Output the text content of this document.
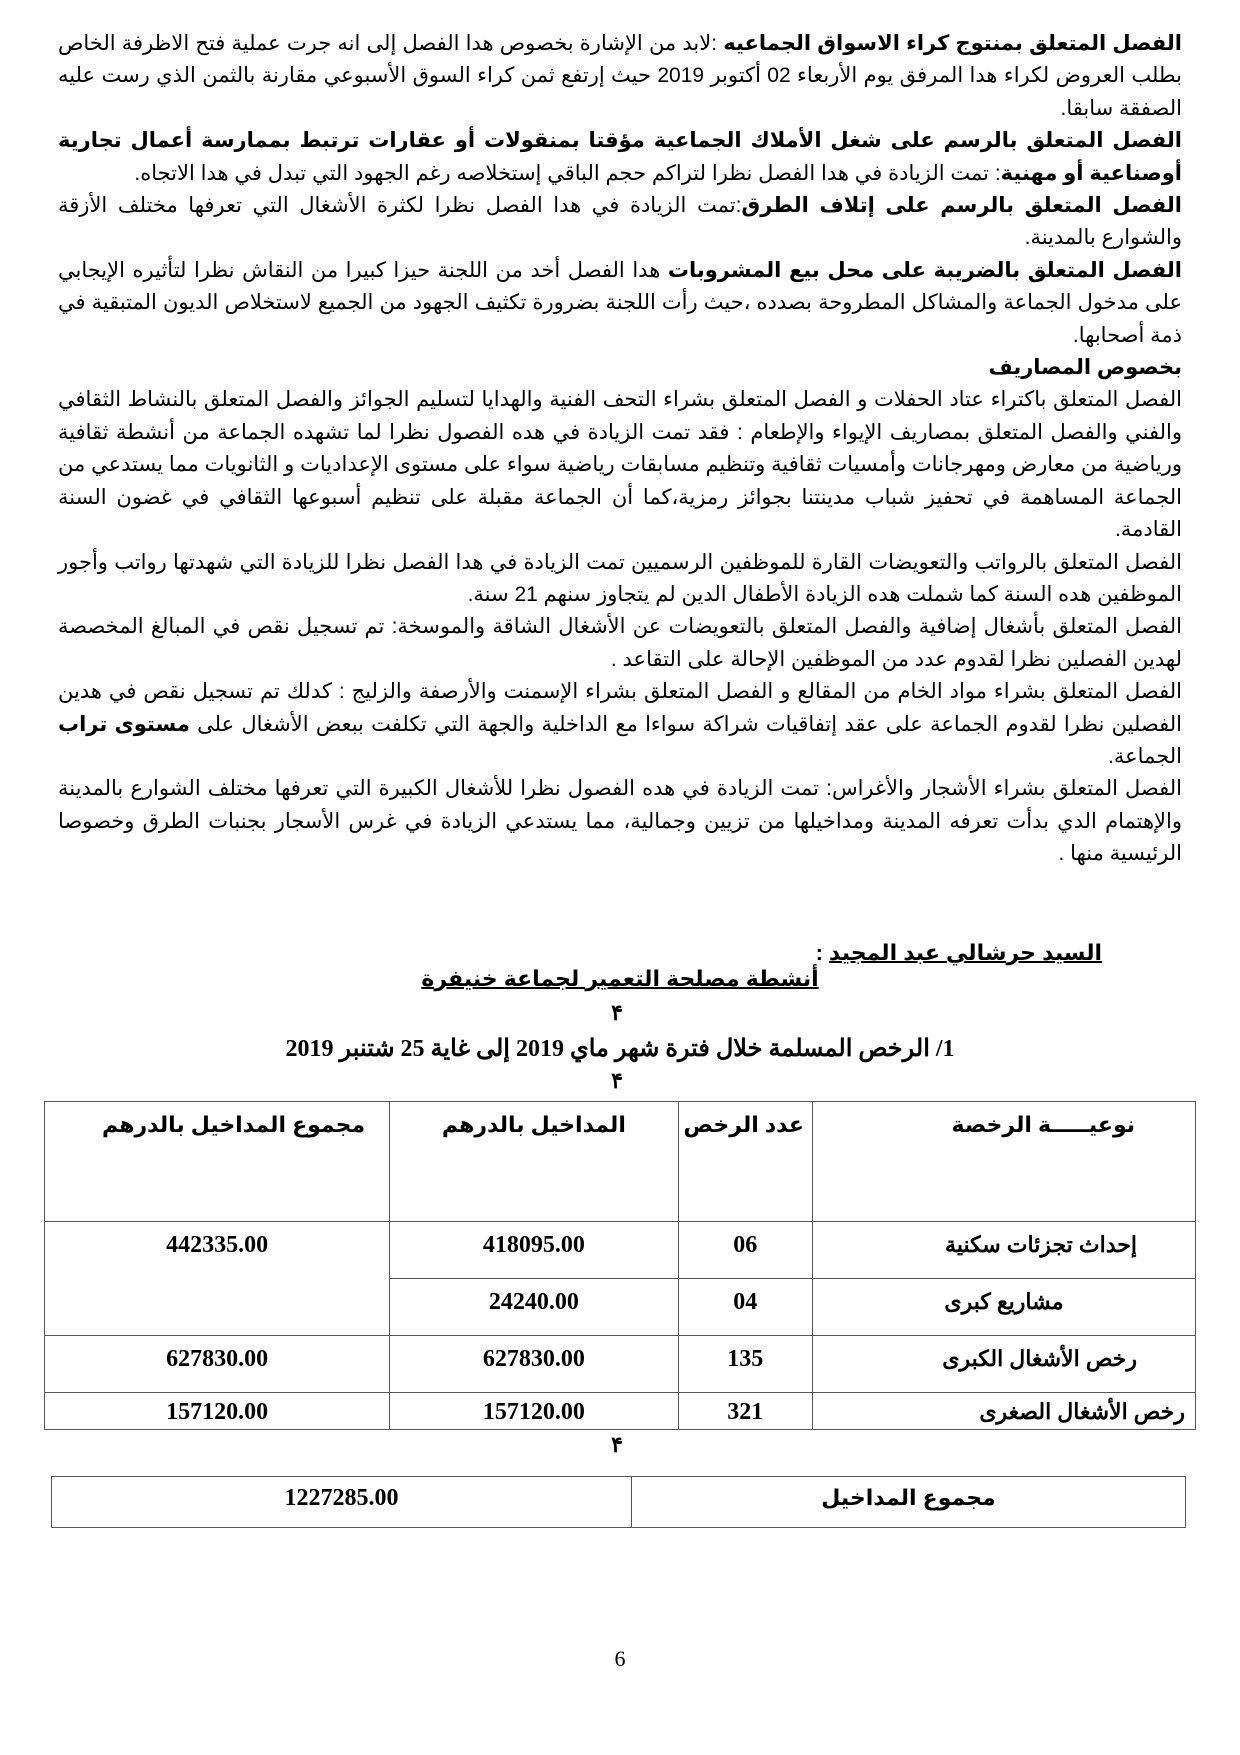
الفصل المتعلق بمنتوج كراء الاسواق الجماعيه :لابد من الإشارة بخصوص هدا الفصل إلى انه جرت عملية فتح الاظرفة الخاص بطلب العروض لكراء هدا المرفق يوم الأربعاء 02 أكتوبر 2019 حيث إرتفع ثمن كراء السوق الأسبوعي مقارنة بالثمن الذي رست عليه الصفقة سابقا.

الفصل المتعلق بالرسم على شغل الأملاك الجماعية مؤقتا بمنقولات أو عقارات ترتبط بممارسة أعمال تجارية أوصناعية أو مهنية: تمت الزيادة في هدا الفصل نظرا لتراكم حجم الباقي إستخلاصه رغم الجهود التي تبدل في هدا الاتجاه.

الفصل المتعلق بالرسم على إتلاف الطرق:تمت الزيادة في هدا الفصل نظرا لكثرة الأشغال التي تعرفها مختلف الأزقة والشوارع بالمدينة.

الفصل المتعلق بالضريبة على محل بيع المشروبات هدا الفصل أخد من اللجنة حيزا كبيرا من النقاش نظرا لتأثيره الإيجابي على مدخول الجماعة والمشاكل المطروحة بصدده ،حيث رأت اللجنة بضرورة تكثيف الجهود من الجميع لاستخلاص الديون المتبقية في ذمة أصحابها.

بخصوص المصاريف

الفصل المتعلق باكتراء عتاد الحفلات و الفصل المتعلق بشراء التحف الفنية والهدايا لتسليم الجوائز والفصل المتعلق بالنشاط الثقافي والفني والفصل المتعلق بمصاريف الإيواء والإطعام : فقد تمت الزيادة في هده الفصول نظرا لما تشهده الجماعة من أنشطة ثقافية ورياضية من معارض ومهرجانات وأمسيات ثقافية وتنظيم مسابقات رياضية سواء على مستوى الإعداديات و الثانويات مما يستدعي من الجماعة المساهمة في تحفيز شباب مدينتنا بجوائز رمزية،كما أن الجماعة مقبلة على تنظيم أسبوعها الثقافي في غضون السنة القادمة.

الفصل المتعلق بالرواتب والتعويضات القارة للموظفين الرسميين تمت الزيادة في هدا الفصل نظرا للزيادة التي شهدتها رواتب وأجور الموظفين هده السنة كما شملت هده الزيادة الأطفال الدين لم يتجاوز سنهم 21 سنة.

الفصل المتعلق بأشغال إضافية والفصل المتعلق بالتعويضات عن الأشغال الشاقة والموسخة: تم تسجيل نقص في المبالغ المخصصة لهدين الفصلين نظرا لقدوم عدد من الموظفين الإحالة على التقاعد .

الفصل المتعلق بشراء مواد الخام من المقالع و الفصل المتعلق بشراء الإسمنت والأرصفة والزليج : كدلك تم تسجيل نقص في هدين الفصلين نظرا لقدوم الجماعة على عقد إتفاقيات شراكة سواءا مع الداخلية والجهة التي تكلفت ببعض الأشغال على مستوى تراب الجماعة.

الفصل المتعلق بشراء الأشجار والأغراس: تمت الزيادة في هده الفصول نظرا للأشغال الكبيرة التي تعرفها مختلف الشوارع بالمدينة والإهتمام الدي بدأت تعرفه المدينة ومداخيلها من تزيين وجمالية، مما يستدعي الزيادة في غرس الأسجار بجنبات الطرق وخصوصا الرئيسية منها .

السيد حرشالي عبد المجيد :
أنشطة مصلحة التعمير لجماعة خنيفرة
۴
1/ الرخص المسلمة خلال فترة شهر ماي 2019 إلى غاية 25 شتنبر 2019
۴
نوعيـــــة الرخصة	عدد الرخص	المداخيل بالدرهم	مجموع المداخيل بالدرهم
إحداث تجزئات سكنية	06	418095.00	442335.00
مشاريع كبرى	04	24240.00	
رخص الأشغال الكبرى	135	627830.00	627830.00
رخص الأشغال الصغرى	321	157120.00	157120.00
۴
مجموع المداخيل	1227285.00
6
